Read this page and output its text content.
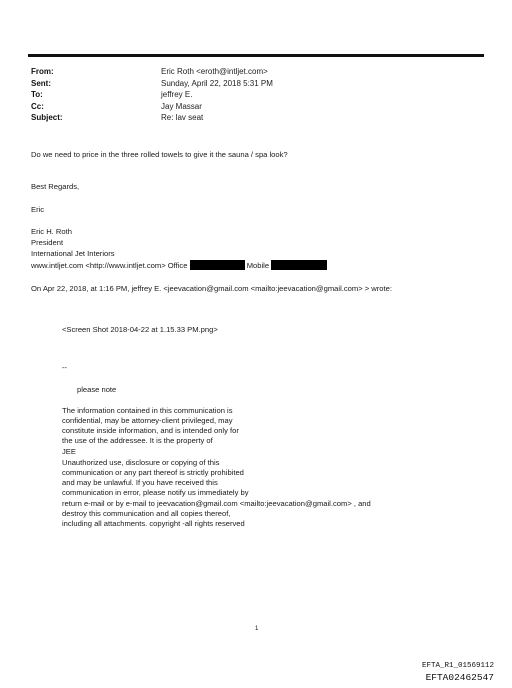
From:	Eric Roth <eroth@intljet.com>
Sent:	Sunday, April 22, 2018 5:31 PM
To:	jeffrey E.
Cc:	Jay Massar
Subject:	Re: lav seat
Do we need to price in the three rolled towels to give it the sauna / spa look?
Best Regards,
Eric
Eric H. Roth
President
International Jet Interiors
www.intljet.com <http://www.intljet.com> Office	Mobile
On Apr 22, 2018, at 1:16 PM, jeffrey E. <jeevacation@gmail.com <mailto:jeevacation@gmail.com> > wrote:
<Screen Shot 2018-04-22 at 1.15.33 PM.png>
--
please note
The information contained in this communication is
confidential, may be attorney-client privileged, may
constitute inside information, and is intended only for
the use of the addressee. It is the property of
JEE
Unauthorized use, disclosure or copying of this
communication or any part thereof is strictly prohibited
and may be unlawful. If you have received this
communication in error, please notify us immediately by
return e-mail or by e-mail to jeevacation@gmail.com <mailto:jeevacation@gmail.com> , and
destroy this communication and all copies thereof,
including all attachments. copyright -all rights reserved
1
EFTA_R1_01569112
EFTA02462547
